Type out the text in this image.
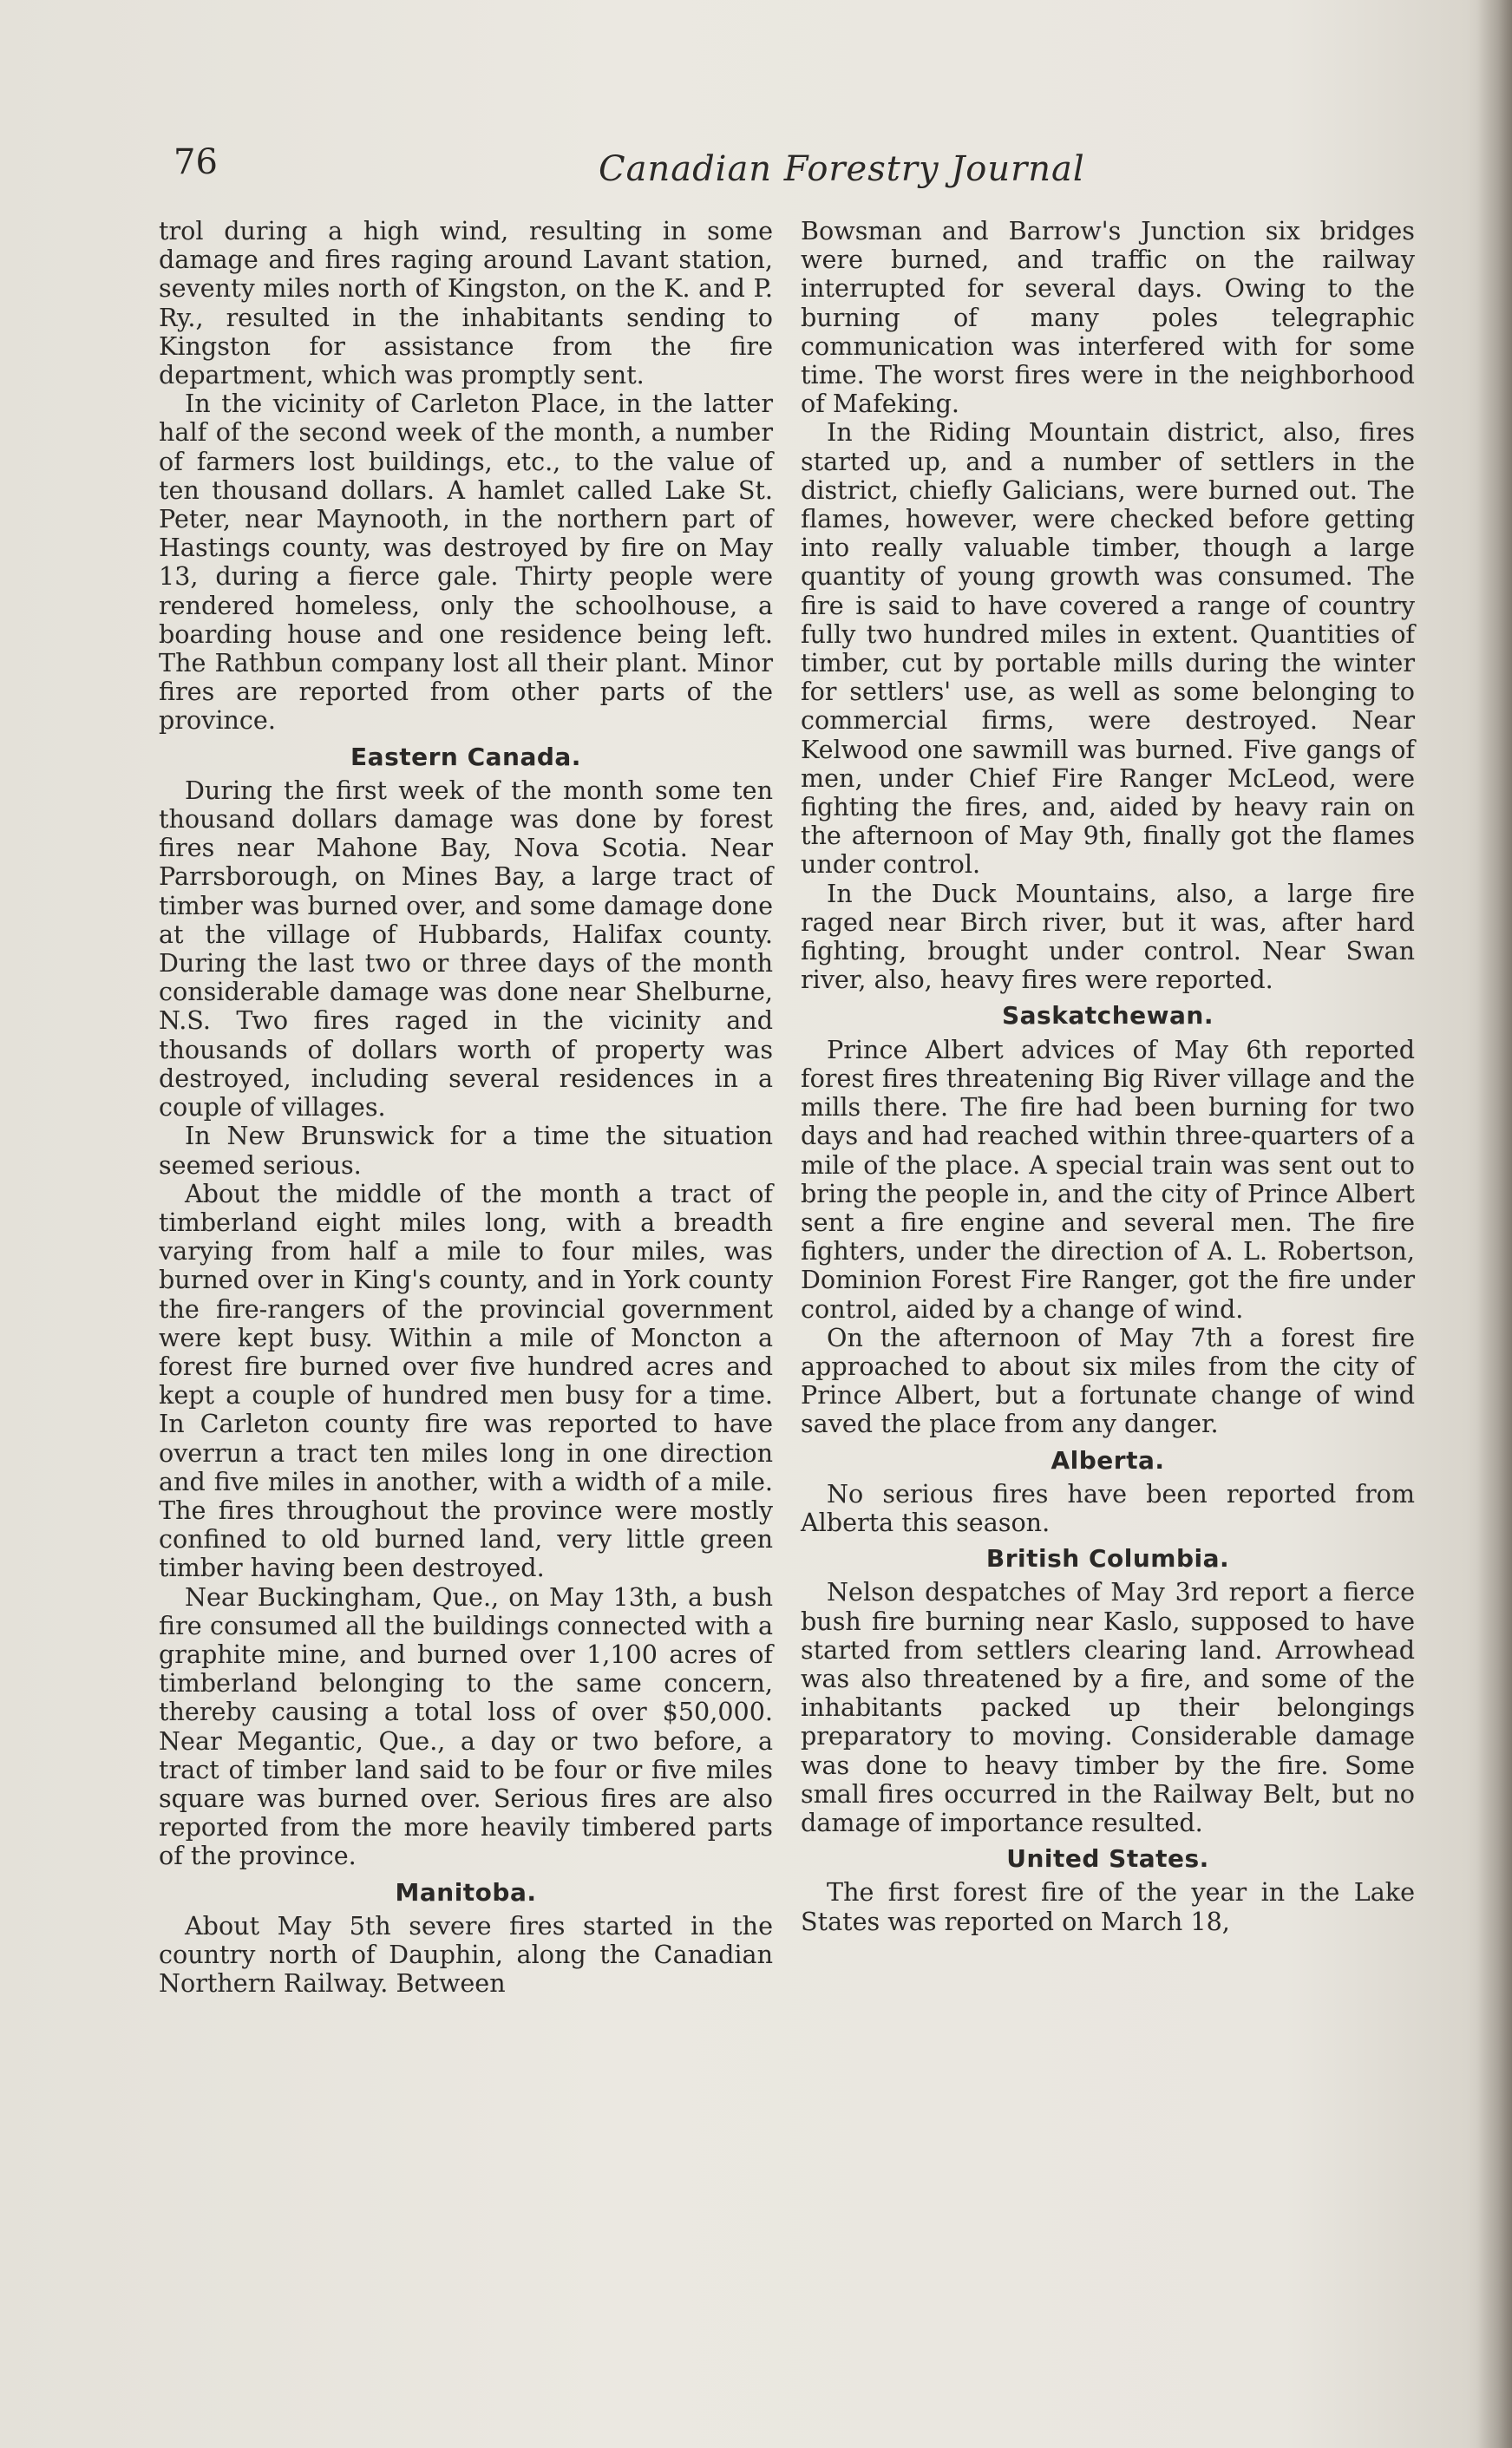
76	Canadian Forestry Journal

trol during a high wind, resulting in some damage and fires raging around Lavant station, seventy miles north of Kingston, on the K. and P. Ry., resulted in the inhabitants sending to Kingston for assistance from the fire department, which was promptly sent.

In the vicinity of Carleton Place, in the latter half of the second week of the month, a number of farmers lost buildings, etc., to the value of ten thousand dollars. A hamlet called Lake St. Peter, near Maynooth, in the northern part of Hastings county, was destroyed by fire on May 13, during a fierce gale. Thirty people were rendered homeless, only the schoolhouse, a boarding house and one residence being left. The Rathbun company lost all their plant. Minor fires are reported from other parts of the province.

Eastern Canada.

During the first week of the month some ten thousand dollars damage was done by forest fires near Mahone Bay, Nova Scotia. Near Parrsborough, on Mines Bay, a large tract of timber was burned over, and some damage done at the village of Hubbards, Halifax county. During the last two or three days of the month considerable damage was done near Shelburne, N.S. Two fires raged in the vicinity and thousands of dollars worth of property was destroyed, including several residences in a couple of villages.

In New Brunswick for a time the situation seemed serious.

About the middle of the month a tract of timberland eight miles long, with a breadth varying from half a mile to four miles, was burned over in King's county, and in York county the fire-rangers of the provincial government were kept busy. Within a mile of Moncton a forest fire burned over five hundred acres and kept a couple of hundred men busy for a time. In Carleton county fire was reported to have overrun a tract ten miles long in one direction and five miles in another, with a width of a mile. The fires throughout the province were mostly confined to old burned land, very little green timber having been destroyed.

Near Buckingham, Que., on May 13th, a bush fire consumed all the buildings connected with a graphite mine, and burned over 1,100 acres of timberland belonging to the same concern, thereby causing a total loss of over $50,000. Near Megantic, Que., a day or two before, a tract of timber land said to be four or five miles square was burned over. Serious fires are also reported from the more heavily timbered parts of the province.

Manitoba.

About May 5th severe fires started in the country north of Dauphin, along the Canadian Northern Railway. Between

Bowsman and Barrow's Junction six bridges were burned, and traffic on the railway interrupted for several days. Owing to the burning of many poles telegraphic communication was interfered with for some time. The worst fires were in the neighborhood of Mafeking.

In the Riding Mountain district, also, fires started up, and a number of settlers in the district, chiefly Galicians, were burned out. The flames, however, were checked before getting into really valuable timber, though a large quantity of young growth was consumed. The fire is said to have covered a range of country fully two hundred miles in extent. Quantities of timber, cut by portable mills during the winter for settlers' use, as well as some belonging to commercial firms, were destroyed. Near Kelwood one sawmill was burned. Five gangs of men, under Chief Fire Ranger McLeod, were fighting the fires, and, aided by heavy rain on the afternoon of May 9th, finally got the flames under control.

In the Duck Mountains, also, a large fire raged near Birch river, but it was, after hard fighting, brought under control. Near Swan river, also, heavy fires were reported.

Saskatchewan.

Prince Albert advices of May 6th reported forest fires threatening Big River village and the mills there. The fire had been burning for two days and had reached within three-quarters of a mile of the place. A special train was sent out to bring the people in, and the city of Prince Albert sent a fire engine and several men. The fire fighters, under the direction of A. L. Robertson, Dominion Forest Fire Ranger, got the fire under control, aided by a change of wind.

On the afternoon of May 7th a forest fire approached to about six miles from the city of Prince Albert, but a fortunate change of wind saved the place from any danger.

Alberta.

No serious fires have been reported from Alberta this season.

British Columbia.

Nelson despatches of May 3rd report a fierce bush fire burning near Kaslo, supposed to have started from settlers clearing land. Arrowhead was also threatened by a fire, and some of the inhabitants packed up their belongings preparatory to moving. Considerable damage was done to heavy timber by the fire. Some small fires occurred in the Railway Belt, but no damage of importance resulted.

United States.

The first forest fire of the year in the Lake States was reported on March 18,
